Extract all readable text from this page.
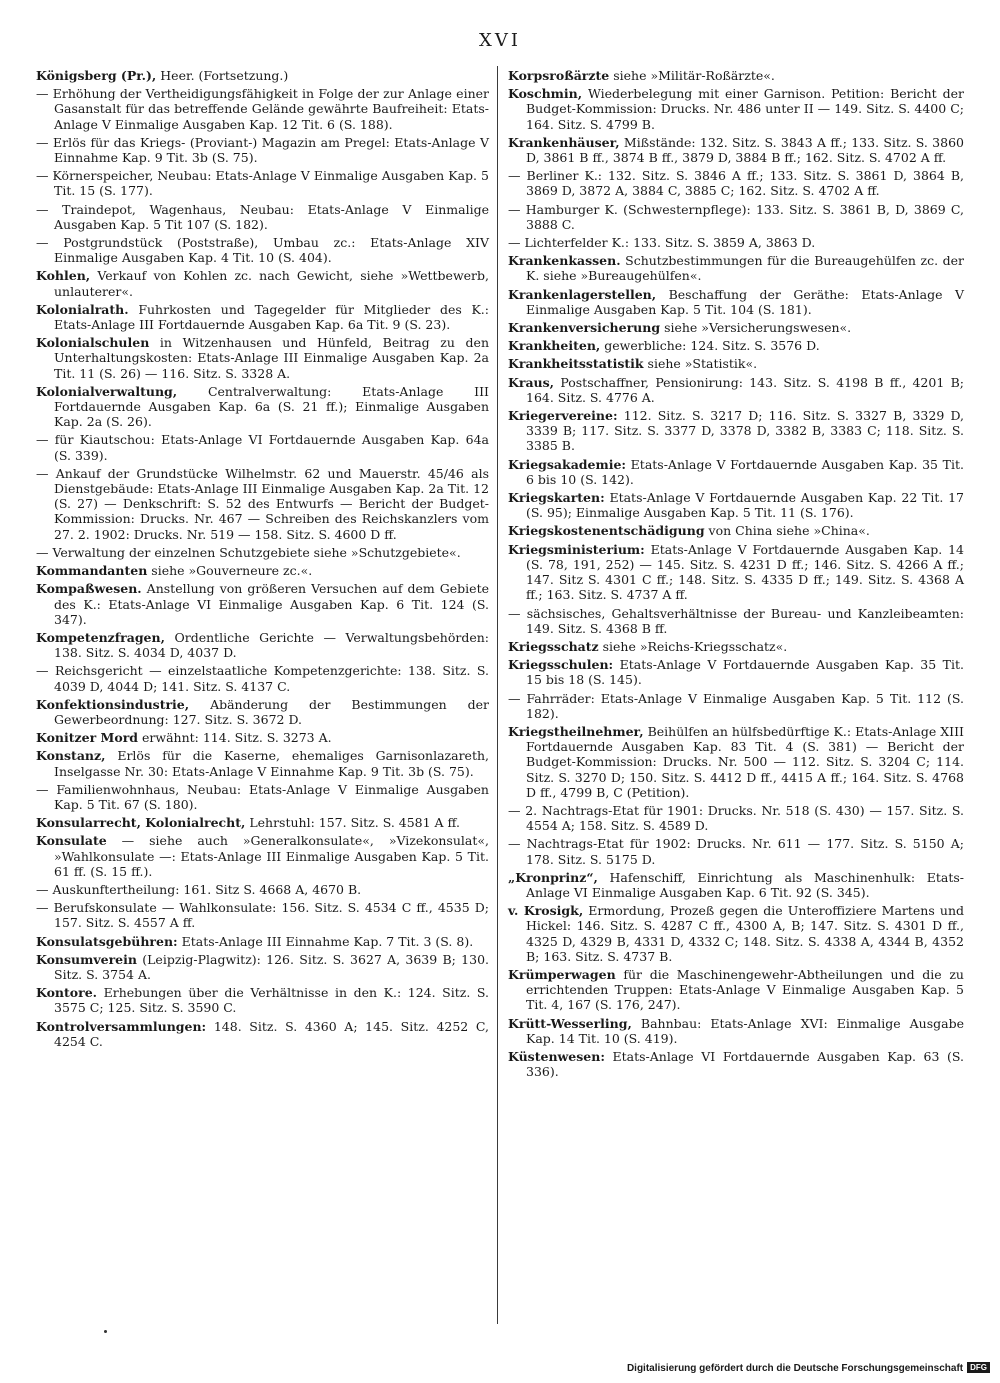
XVI

Königsberg (Pr.), Heer. (Fortsetzung.)

— Erhöhung der Vertheidigungsfähigkeit in Folge der zur Anlage einer Gasanstalt für das betreffende Gelände gewährte Baufreiheit: Etats-Anlage V Einmalige Ausgaben Kap. 12 Tit. 6 (S. 188).

— Erlös für das Kriegs- (Proviant-) Magazin am Pregel: Etats-Anlage V Einnahme Kap. 9 Tit. 3b (S. 75).

— Körnerspeicher, Neubau: Etats-Anlage V Einmalige Ausgaben Kap. 5 Tit. 15 (S. 177).

— Traindepot, Wagenhaus, Neubau: Etats-Anlage V Einmalige Ausgaben Kap. 5 Tit 107 (S. 182).

— Postgrundstück (Poststraße), Umbau zc.: Etats-Anlage XIV Einmalige Ausgaben Kap. 4 Tit. 10 (S. 404).

Kohlen, Verkauf von Kohlen zc. nach Gewicht, siehe »Wettbewerb, unlauterer«.

Kolonialrath. Fuhrkosten und Tagegelder für Mitglieder des K.: Etats-Anlage III Fortdauernde Ausgaben Kap. 6a Tit. 9 (S. 23).

Kolonialschulen in Witzenhausen und Hünfeld, Beitrag zu den Unterhaltungskosten: Etats-Anlage III Einmalige Ausgaben Kap. 2a Tit. 11 (S. 26) — 116. Sitz. S. 3328 A.

Kolonialverwaltung, Centralverwaltung: Etats-Anlage III Fortdauernde Ausgaben Kap. 6a (S. 21 ff.); Einmalige Ausgaben Kap. 2a (S. 26).

— für Kiautschou: Etats-Anlage VI Fortdauernde Ausgaben Kap. 64a (S. 339).

— Ankauf der Grundstücke Wilhelmstr. 62 und Mauerstr. 45/46 als Dienstgebäude: Etats-Anlage III Einmalige Ausgaben Kap. 2a Tit. 12 (S. 27) — Denkschrift: S. 52 des Entwurfs — Bericht der Budget-Kommission: Drucks. Nr. 467 — Schreiben des Reichskanzlers vom 27. 2. 1902: Drucks. Nr. 519 — 158. Sitz. S. 4600 D ff.

— Verwaltung der einzelnen Schutzgebiete siehe »Schutzgebiete«.

Kommandanten siehe »Gouverneure zc.«.

Kompaßwesen. Anstellung von größeren Versuchen auf dem Gebiete des K.: Etats-Anlage VI Einmalige Ausgaben Kap. 6 Tit. 124 (S. 347).

Kompetenzfragen, Ordentliche Gerichte — Verwaltungsbehörden: 138. Sitz. S. 4034 D, 4037 D.

— Reichsgericht — einzelstaatliche Kompetenzgerichte: 138. Sitz. S. 4039 D, 4044 D; 141. Sitz. S. 4137 C.

Konfektionsindustrie, Abänderung der Bestimmungen der Gewerbeordnung: 127. Sitz. S. 3672 D.

Konitzer Mord erwähnt: 114. Sitz. S. 3273 A.

Konstanz, Erlös für die Kaserne, ehemaliges Garnisonlazareth, Inselgasse Nr. 30: Etats-Anlage V Einnahme Kap. 9 Tit. 3b (S. 75).

— Familienwohnhaus, Neubau: Etats-Anlage V Einmalige Ausgaben Kap. 5 Tit. 67 (S. 180).

Konsularrecht, Kolonialrecht, Lehrstuhl: 157. Sitz. S. 4581 A ff.

Konsulate — siehe auch »Generalkonsulate«, »Vizekonsulat«, »Wahlkonsulate —: Etats-Anlage III Einmalige Ausgaben Kap. 5 Tit. 61 ff. (S. 15 ff.).

— Auskunftertheilung: 161. Sitz S. 4668 A, 4670 B.

— Berufskonsulate — Wahlkonsulate: 156. Sitz. S. 4534 C ff., 4535 D; 157. Sitz. S. 4557 A ff.

Konsulatsgebühren: Etats-Anlage III Einnahme Kap. 7 Tit. 3 (S. 8).

Konsumverein (Leipzig-Plagwitz): 126. Sitz. S. 3627 A, 3639 B; 130. Sitz. S. 3754 A.

Kontore. Erhebungen über die Verhältnisse in den K.: 124. Sitz. S. 3575 C; 125. Sitz. S. 3590 C.

Kontrolversammlungen: 148. Sitz. S. 4360 A; 145. Sitz. 4252 C, 4254 C.

Korpsroßärzte siehe »Militär-Roßärzte«.

Koschmin, Wiederbelegung mit einer Garnison. Petition: Bericht der Budget-Kommission: Drucks. Nr. 486 unter II — 149. Sitz. S. 4400 C; 164. Sitz. S. 4799 B.

Krankenhäuser, Mißstände: 132. Sitz. S. 3843 A ff.; 133. Sitz. S. 3860 D, 3861 B ff., 3874 B ff., 3879 D, 3884 B ff.; 162. Sitz. S. 4702 A ff.

— Berliner K.: 132. Sitz. S. 3846 A ff.; 133. Sitz. S. 3861 D, 3864 B, 3869 D, 3872 A, 3884 C, 3885 C; 162. Sitz. S. 4702 A ff.

— Hamburger K. (Schwesternpflege): 133. Sitz. S. 3861 B, D, 3869 C, 3888 C.

— Lichterfelder K.: 133. Sitz. S. 3859 A, 3863 D.

Krankenkassen. Schutzbestimmungen für die Bureaugehülfen zc. der K. siehe »Bureaugehülfen«.

Krankenlagerstellen, Beschaffung der Geräthe: Etats-Anlage V Einmalige Ausgaben Kap. 5 Tit. 104 (S. 181).

Krankenversicherung siehe »Versicherungswesen«.

Krankheiten, gewerbliche: 124. Sitz. S. 3576 D.

Krankheitsstatistik siehe »Statistik«.

Kraus, Postschaffner, Pensionirung: 143. Sitz. S. 4198 B ff., 4201 B; 164. Sitz. S. 4776 A.

Kriegervereine: 112. Sitz. S. 3217 D; 116. Sitz. S. 3327 B, 3329 D, 3339 B; 117. Sitz. S. 3377 D, 3378 D, 3382 B, 3383 C; 118. Sitz. S. 3385 B.

Kriegsakademie: Etats-Anlage V Fortdauernde Ausgaben Kap. 35 Tit. 6 bis 10 (S. 142).

Kriegskarten: Etats-Anlage V Fortdauernde Ausgaben Kap. 22 Tit. 17 (S. 95); Einmalige Ausgaben Kap. 5 Tit. 11 (S. 176).

Kriegskostenentschädigung von China siehe »China«.

Kriegsministerium: Etats-Anlage V Fortdauernde Ausgaben Kap. 14 (S. 78, 191, 252) — 145. Sitz. S. 4231 D ff.; 146. Sitz. S. 4266 A ff.; 147. Sitz S. 4301 C ff.; 148. Sitz. S. 4335 D ff.; 149. Sitz. S. 4368 A ff.; 163. Sitz. S. 4737 A ff.

— sächsisches, Gehaltsverhältnisse der Bureau- und Kanzleibeamten: 149. Sitz. S. 4368 B ff.

Kriegsschatz siehe »Reichs-Kriegsschatz«.

Kriegsschulen: Etats-Anlage V Fortdauernde Ausgaben Kap. 35 Tit. 15 bis 18 (S. 145).

— Fahrräder: Etats-Anlage V Einmalige Ausgaben Kap. 5 Tit. 112 (S. 182).

Kriegstheilnehmer, Beihülfen an hülfsbedürftige K.: Etats-Anlage XIII Fortdauernde Ausgaben Kap. 83 Tit. 4 (S. 381) — Bericht der Budget-Kommission: Drucks. Nr. 500 — 112. Sitz. S. 3204 C; 114. Sitz. S. 3270 D; 150. Sitz. S. 4412 D ff., 4415 A ff.; 164. Sitz. S. 4768 D ff., 4799 B, C (Petition).

— 2. Nachtrags-Etat für 1901: Drucks. Nr. 518 (S. 430) — 157. Sitz. S. 4554 A; 158. Sitz. S. 4589 D.

— Nachtrags-Etat für 1902: Drucks. Nr. 611 — 177. Sitz. S. 5150 A; 178. Sitz. S. 5175 D.

„Kronprinz“, Hafenschiff, Einrichtung als Maschinenhulk: Etats-Anlage VI Einmalige Ausgaben Kap. 6 Tit. 92 (S. 345).

v. Krosigk, Ermordung, Prozeß gegen die Unteroffiziere Martens und Hickel: 146. Sitz. S. 4287 C ff., 4300 A, B; 147. Sitz. S. 4301 D ff., 4325 D, 4329 B, 4331 D, 4332 C; 148. Sitz. S. 4338 A, 4344 B, 4352 B; 163. Sitz. S. 4737 B.

Krümperwagen für die Maschinengewehr-Abtheilungen und die zu errichtenden Truppen: Etats-Anlage V Einmalige Ausgaben Kap. 5 Tit. 4, 167 (S. 176, 247).

Krütt-Wesserling, Bahnbau: Etats-Anlage XVI: Einmalige Ausgabe Kap. 14 Tit. 10 (S. 419).

Küstenwesen: Etats-Anlage VI Fortdauernde Ausgaben Kap. 63 (S. 336).

Digitalisierung gefördert durch die Deutsche Forschungsgemeinschaft DFG
